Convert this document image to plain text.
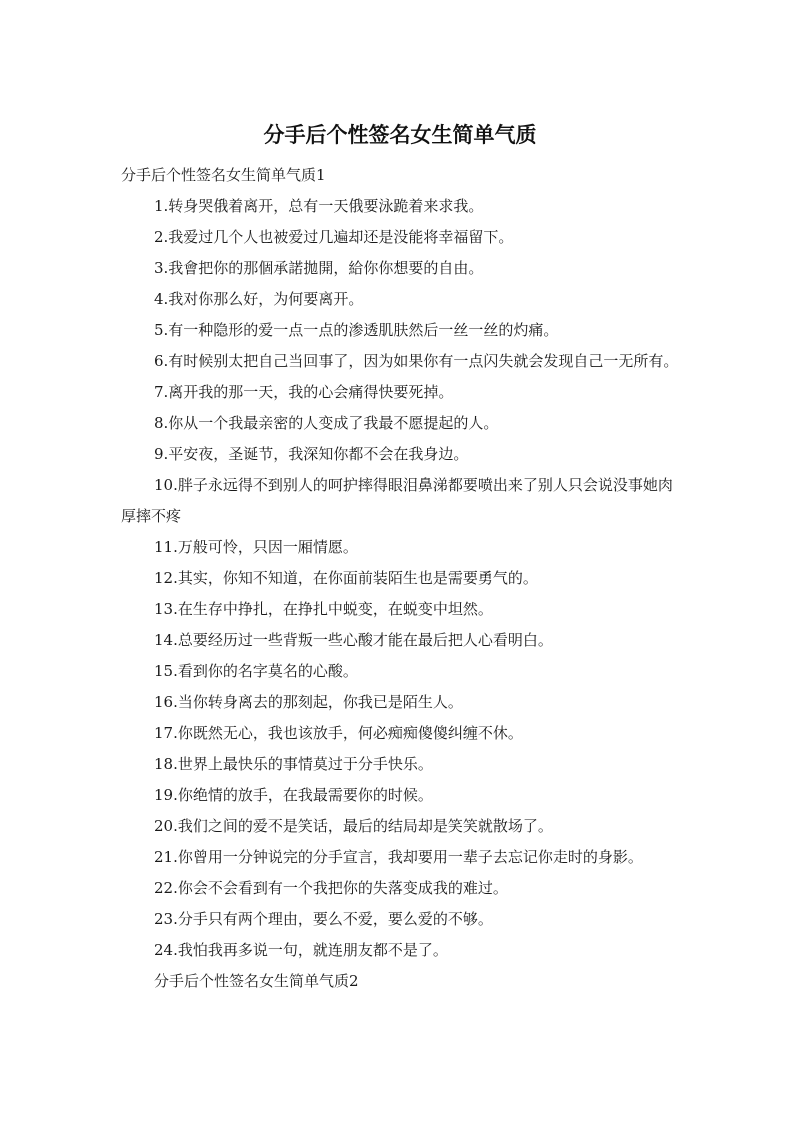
分手后个性签名女生简单气质

分手后个性签名女生简单气质1

1.转身哭俄着离开，总有一天俄要泳跪着来求我。
2.我爱过几个人也被爱过几遍却还是没能将幸福留下。
3.我會把你的那個承諾拋開，給你你想要的自由。
4.我对你那么好，为何要离开。
5.有一种隐形的爱一点一点的渗透肌肤然后一丝一丝的灼痛。
6.有时候别太把自己当回事了，因为如果你有一点闪失就会发现自己一无所有。
7.离开我的那一天，我的心会痛得快要死掉。
8.你从一个我最亲密的人变成了我最不愿提起的人。
9.平安夜，圣诞节，我深知你都不会在我身边。
10.胖子永远得不到别人的呵护摔得眼泪鼻涕都要喷出来了别人只会说没事她肉厚摔不疼
11.万般可怜，只因一厢情愿。
12.其实，你知不知道，在你面前装陌生也是需要勇气的。
13.在生存中挣扎，在挣扎中蜕变，在蜕变中坦然。
14.总要经历过一些背叛一些心酸才能在最后把人心看明白。
15.看到你的名字莫名的心酸。
16.当你转身离去的那刻起，你我已是陌生人。
17.你既然无心，我也该放手，何必痴痴傻傻纠缠不休。
18.世界上最快乐的事情莫过于分手快乐。
19.你绝情的放手，在我最需要你的时候。
20.我们之间的爱不是笑话，最后的结局却是笑笑就散场了。
21.你曾用一分钟说完的分手宣言，我却要用一辈子去忘记你走时的身影。
22.你会不会看到有一个我把你的失落变成我的难过。
23.分手只有两个理由，要么不爱，要么爱的不够。
24.我怕我再多说一句，就连朋友都不是了。

分手后个性签名女生简单气质2
